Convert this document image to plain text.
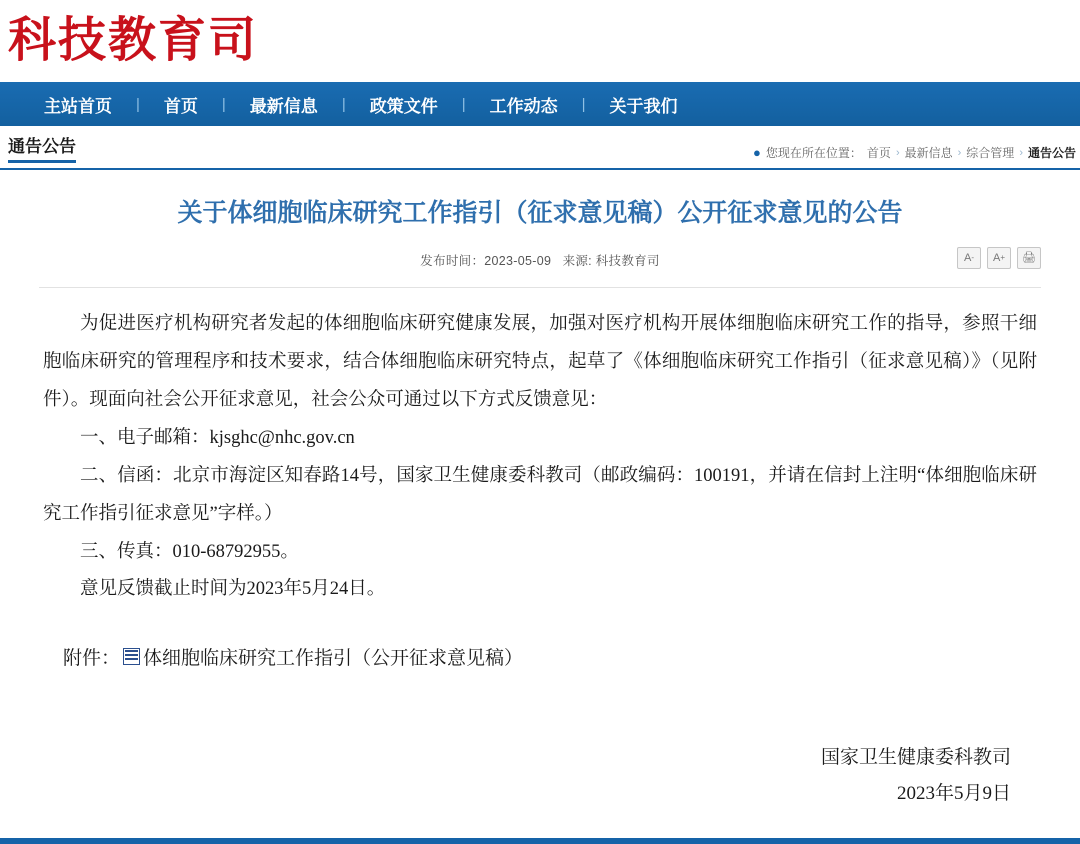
科技教育司
主站首页	|	首页	|	最新信息	|	政策文件	|	工作动态	|	关于我们
通告公告	● 您现在所在位置： 首页 › 最新信息 › 综合管理 › 通告公告
关于体细胞临床研究工作指引（征求意见稿）公开征求意见的公告
发布时间：2023-05-09 来源: 科技教育司	A - A + 🖨

为促进医疗机构研究者发起的体细胞临床研究健康发展，加强对医疗机构开展体细胞临床研究工作的指导，参照干细胞临床研究的管理程序和技术要求，结合体细胞临床研究特点，起草了《体细胞临床研究工作指引（征求意见稿）》（见附件）。现面向社会公开征求意见，社会公众可通过以下方式反馈意见：

一、电子邮箱：kjsghc@nhc.gov.cn

二、信函：北京市海淀区知春路14号，国家卫生健康委科教司（邮政编码：100191，并请在信封上注明“体细胞临床研究工作指引征求意见”字样。）

三、传真：010-68792955。

意见反馈截止时间为2023年5月24日。

附件： 体细胞临床研究工作指引（公开征求意见稿）
国家卫生健康委科教司
2023年5月9日
